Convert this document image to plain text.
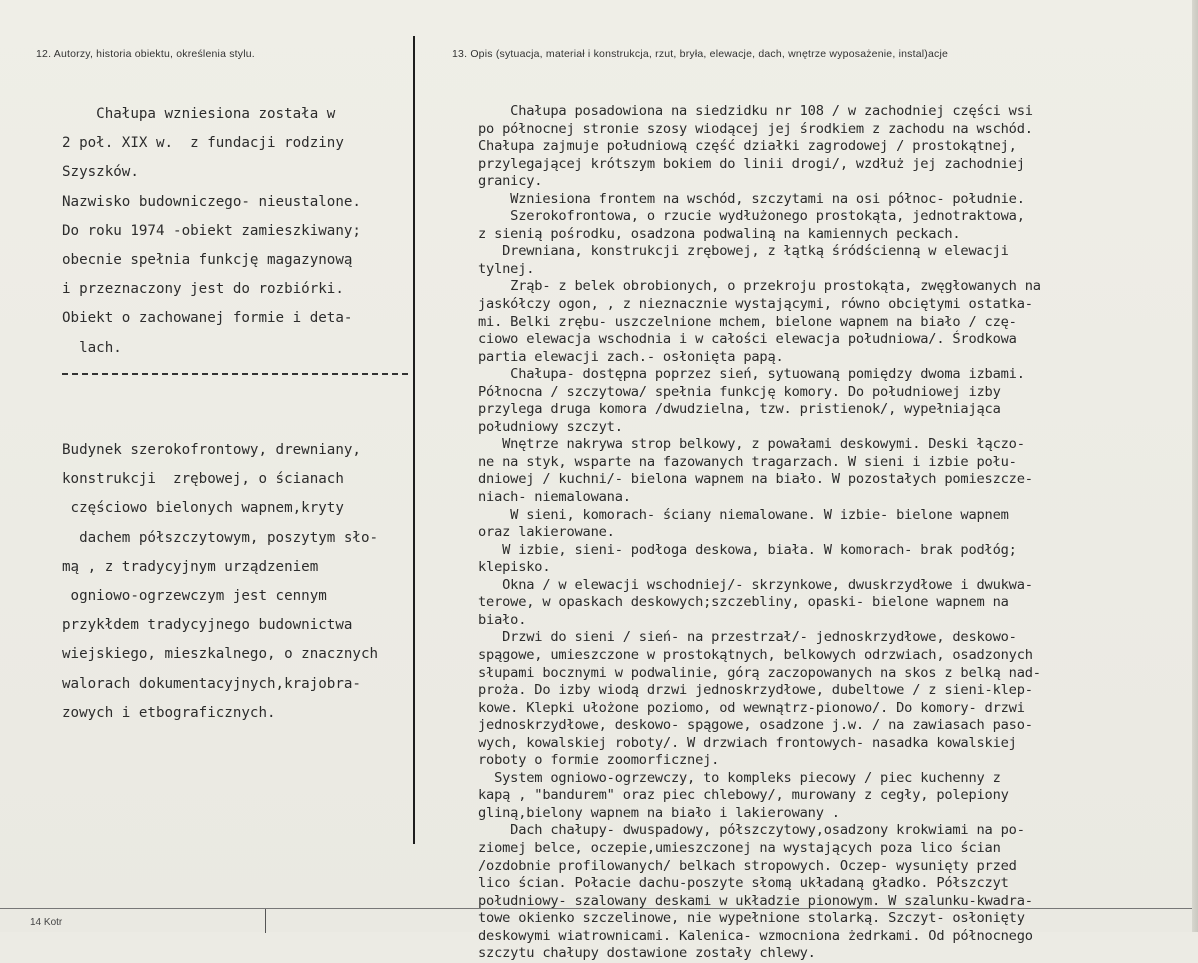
12. Autorzy, historia obiektu, określenia stylu.	13. Opis (sytuacja, materiał i konstrukcja, rzut, bryła, elewacje, dach, wnętrze wyposażenie, instal)acje
Chałupa wzniesiona została w
2 poł. XIX w.  z fundacji rodziny
Szyszków.
Nazwisko budowniczego- nieustalone.
Do roku 1974 -obiekt zamieszkiwany;
obecnie spełnia funkcję magazynową
i przeznaczony jest do rozbiórki.
Obiekt o zachowanej formie i deta-
lach.
Budynek szerokofrontowy, drewniany,
konstrukcji  zrębowej, o ścianach
częściowo bielonych wapnem,kryty
dachem półszczytowym, poszytym sło-
mą , z tradycyjnym urządzeniem
ogniowo-ogrzewczym jest cennym
przykłdem tradycyjnego budownictwa
wiejskiego, mieszkalnego, o znacznych
walorach dokumentacyjnych,krajobra-
zowych i etbograficznych.
Chałupa posadowiona na siedzidku nr 108 / w zachodniej części wsi
po północnej stronie szosy wiodącej jej środkiem z zachodu na wschód.
Chałupa zajmuje południową część działki zagrodowej / prostokątnej,
przylegającej krótszym bokiem do linii drogi/, wzdłuż jej zachodniej
granicy.
Wzniesiona frontem na wschód, szczytami na osi północ- południe.
Szerokofrontowa, o rzucie wydłużonego prostokąta, jednotraktowa,
z sienią pośrodku, osadzona podwaliną na kamiennych peckach.
Drewniana, konstrukcji zrębowej, z łątką śródścienną w elewacji
tylnej.
Zrąb- z belek obrobionych, o przekroju prostokąta, zwęgłowanych na
jaskółczy ogon, , z nieznacznie wystającymi, równo obciętymi ostatka-
mi. Belki zrębu- uszczelnione mchem, bielone wapnem na biało / czę-
ciowo elewacja wschodnia i w całości elewacja południowa/. Środkowa
partia elewacji zach.- osłonięta papą.
Chałupa- dostępna poprzez sień, sytuowaną pomiędzy dwoma izbami.
Północna / szczytowa/ spełnia funkcję komory. Do południowej izby
przylega druga komora /dwudzielna, tzw. pristienok/, wypełniająca
południowy szczyt.
Wnętrze nakrywa strop belkowy, z powałami deskowymi. Deski łączo-
ne na styk, wsparte na fazowanych tragarzach. W sieni i izbie połu-
dniowej / kuchni/- bielona wapnem na biało. W pozostałych pomieszcze-
niach- niemalowana.
W sieni, komorach- ściany niemalowane. W izbie- bielone wapnem
oraz lakierowane.
W izbie, sieni- podłoga deskowa, biała. W komorach- brak podłóg;
klepisko.
Okna / w elewacji wschodniej/- skrzynkowe, dwuskrzydłowe i dwukwa-
terowe, w opaskach deskowych;szczebliny, opaski- bielone wapnem na
biało.
Drzwi do sieni / sień- na przestrzał/- jednoskrzydłowe, deskowo-
spągowe, umieszczone w prostokątnych, belkowych odrzwiach, osadzonych
słupami bocznymi w podwalinie, górą zaczopowanych na skos z belką nad-
proża. Do izby wiodą drzwi jednoskrzydłowe, dubeltowe / z sieni-klep-
kowe. Klepki ułożone poziomo, od wewnątrz-pionowo/. Do komory- drzwi
jednoskrzydłowe, deskowo- spągowe, osadzone j.w. / na zawiasach paso-
wych, kowalskiej roboty/. W drzwiach frontowych- nasadka kowalskiej
roboty o formie zoomorficznej.
System ogniowo-ogrzewczy, to kompleks piecowy / piec kuchenny z
kapą , "bandurem" oraz piec chlebowy/, murowany z cegły, polepiony
gliną,bielony wapnem na biało i lakierowany .
Dach chałupy- dwuspadowy, półszczytowy,osadzony krokwiami na po-
ziomej belce, oczepie,umieszczonej na wystających poza lico ścian
/ozdobnie profilowanych/ belkach stropowych. Oczep- wysunięty przed
lico ścian. Połacie dachu-poszyte słomą układaną gładko. Półszczyt
południowy- szalowany deskami w układzie pionowym. W szalunku-kwadra-
towe okienko szczelinowe, nie wypełnione stolarką. Szczyt- osłonięty
deskowymi wiatrownicami. Kalenica- wzmocniona żedrkami. Od północnego
szczytu chałupy dostawione zostały chlewy.
14 Kotr
